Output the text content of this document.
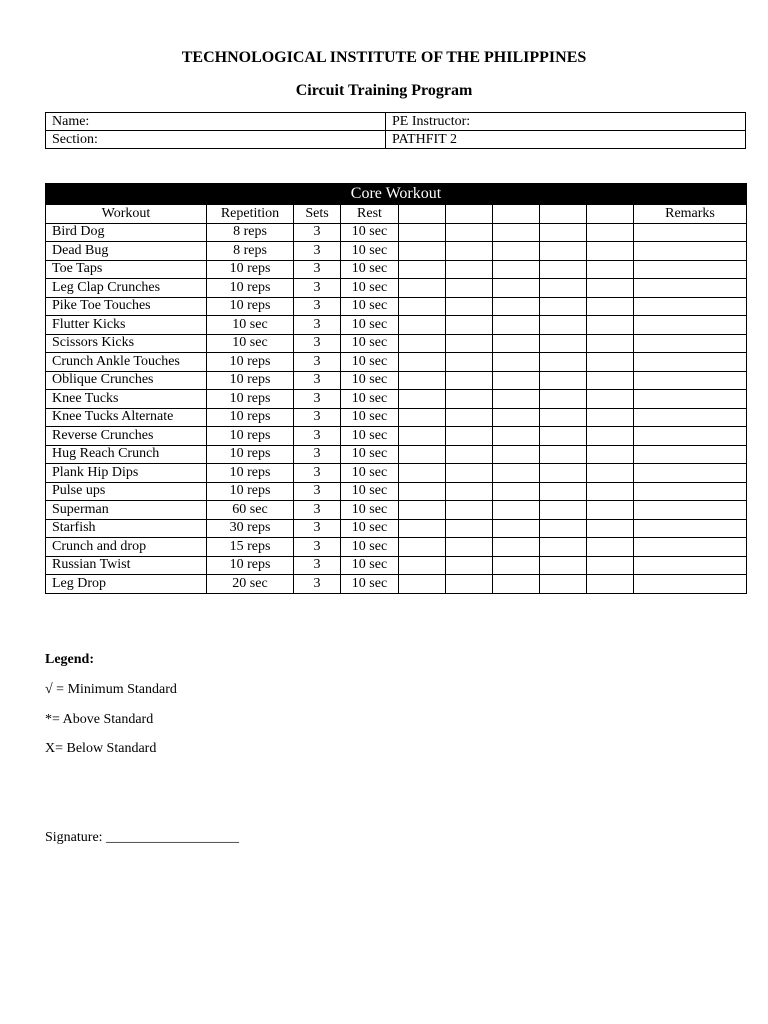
TECHNOLOGICAL INSTITUTE OF THE PHILIPPINES
Circuit Training Program
Name:	PE Instructor:
Section:	PATHFIT 2
Core Workout									
Workout	Repetition	Sets	Rest						Remarks
Bird Dog	8 reps	3	10 sec						
Dead Bug	8 reps	3	10 sec						
Toe Taps	10 reps	3	10 sec						
Leg Clap Crunches	10 reps	3	10 sec						
Pike Toe Touches	10 reps	3	10 sec						
Flutter Kicks	10 sec	3	10 sec						
Scissors Kicks	10 sec	3	10 sec						
Crunch Ankle Touches	10 reps	3	10 sec						
Oblique Crunches	10 reps	3	10 sec						
Knee Tucks	10 reps	3	10 sec						
Knee Tucks Alternate	10 reps	3	10 sec						
Reverse Crunches	10 reps	3	10 sec						
Hug Reach Crunch	10 reps	3	10 sec						
Plank Hip Dips	10 reps	3	10 sec						
Pulse ups	10 reps	3	10 sec						
Superman	60 sec	3	10 sec						
Starfish	30 reps	3	10 sec						
Crunch and drop	15 reps	3	10 sec						
Russian Twist	10 reps	3	10 sec						
Leg Drop	20 sec	3	10 sec						
Legend:
√ = Minimum Standard
*= Above Standard
X= Below Standard
Signature: ___________________
